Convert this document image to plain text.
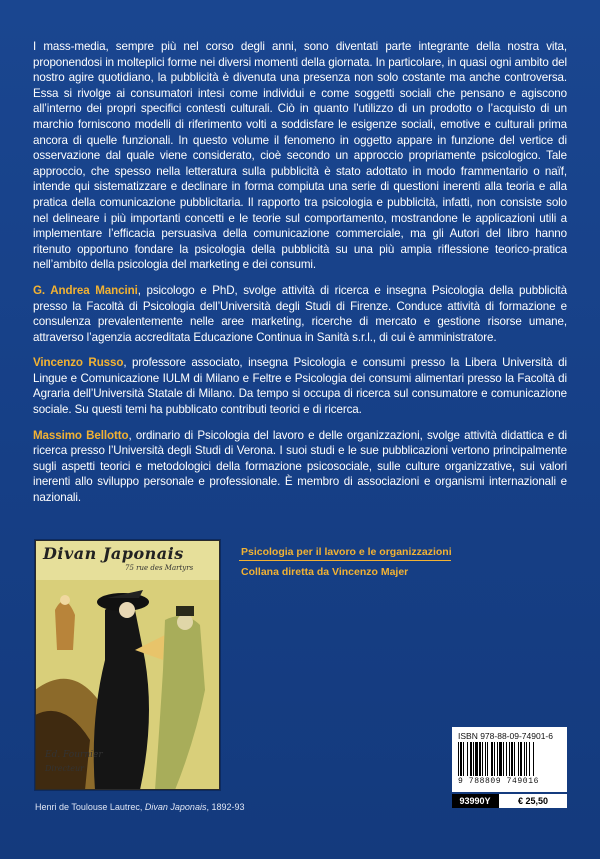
I mass-media, sempre più nel corso degli anni, sono diventati parte integrante della nostra vita, proponendosi in molteplici forme nei diversi momenti della giornata. In particolare, in quasi ogni ambito del nostro agire quotidiano, la pubblicità è divenuta una presenza non solo costante ma anche controversa. Essa si rivolge ai consumatori intesi come individui e come soggetti sociali che pensano e agiscono all’interno dei propri specifici contesti culturali. Ciò in quanto l’utilizzo di un prodotto o l’acquisto di un marchio forniscono modelli di riferimento volti a soddisfare le esigenze sociali, emotive e culturali prima ancora di quelle funzionali. In questo volume il fenomeno in oggetto appare in funzione del vertice di osservazione dal quale viene considerato, cioè secondo un approccio propriamente psicologico. Tale approccio, che spesso nella letteratura sulla pubblicità è stato adottato in modo frammentario o naïf, intende qui sistematizzare e declinare in forma compiuta una serie di questioni inerenti alla teoria e alla pratica della comunicazione pubblicitaria. Il rapporto tra psicologia e pubblicità, infatti, non consiste solo nel delineare i più importanti concetti e le teorie sul comportamento, mostrandone le applicazioni utili a implementare l’efficacia persuasiva della comunicazione commerciale, ma gli Autori del libro hanno ritenuto opportuno fondare la psicologia della pubblicità su una più ampia riflessione teorico-pratica nell’ambito della psicologia del marketing e dei consumi.

G. Andrea Mancini, psicologo e PhD, svolge attività di ricerca e insegna Psicologia della pubblicità presso la Facoltà di Psicologia dell’Università degli Studi di Firenze. Conduce attività di formazione e consulenza prevalentemente nelle aree marketing, ricerche di mercato e gestione risorse umane, attraverso l’agenzia accreditata Educazione Continua in Sanità s.r.l., di cui è amministratore.

Vincenzo Russo, professore associato, insegna Psicologia e consumi presso la Libera Università di Lingue e Comunicazione IULM di Milano e Feltre e Psicologia dei consumi alimentari presso la Facoltà di Agraria dell’Università Statale di Milano. Da tempo si occupa di ricerca sul consumatore e comunicazione sociale. Su questi temi ha pubblicato contributi teorici e di ricerca.

Massimo Bellotto, ordinario di Psicologia del lavoro e delle organizzazioni, svolge attività didattica e di ricerca presso l’Università degli Studi di Verona. I suoi studi e le sue pubblicazioni vertono principalmente sugli aspetti teorici e metodologici della formazione psicosociale, sulle culture organizzative, sui valori inerenti allo sviluppo personale e professionale. È membro di associazioni e organismi internazionali e nazionali.

Divan Japonais
75 rue des Martyrs
Ed. Fournier
Directeur
Psicologia per il lavoro e le organizzazioni
Collana diretta da Vincenzo Majer
ISBN 978-88-09-74901-6
9 788809 749016
93990Y	€ 25,50
Henri de Toulouse Lautrec, Divan Japonais, 1892-93
